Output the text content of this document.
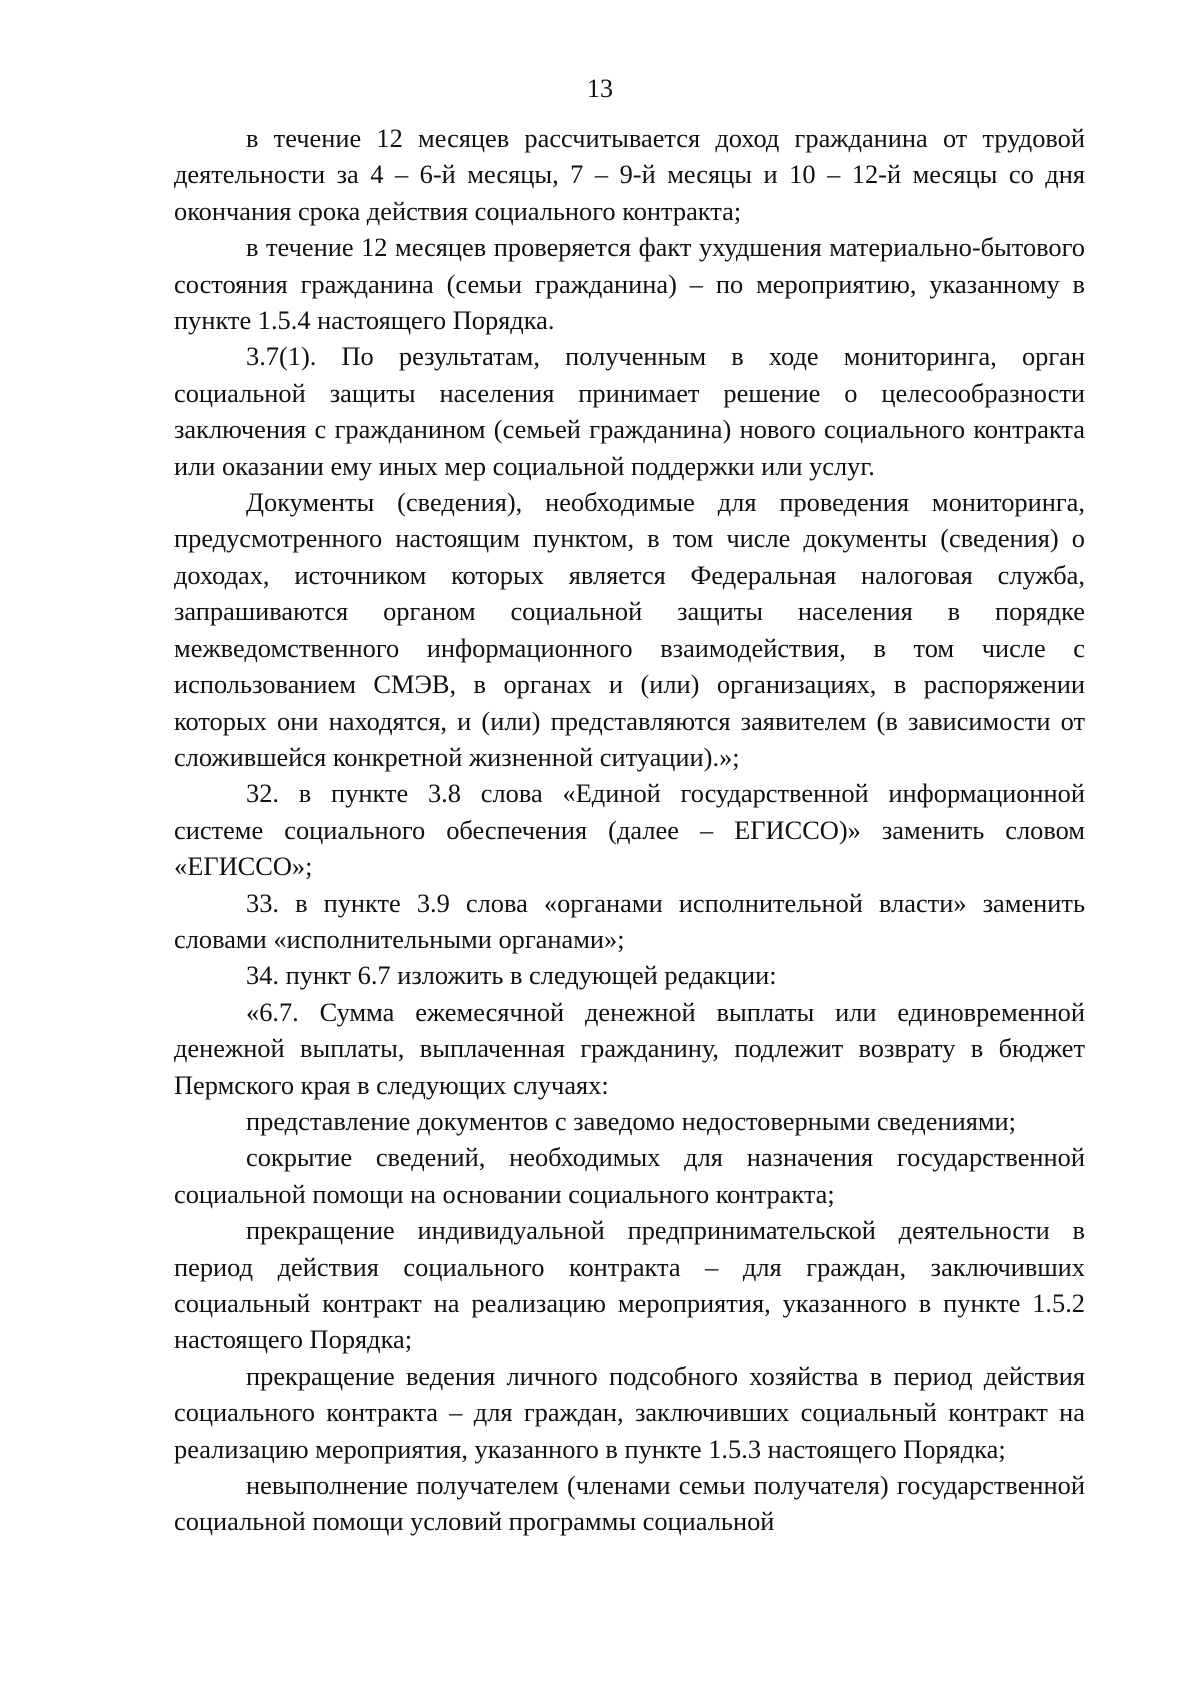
13

в течение 12 месяцев рассчитывается доход гражданина от трудовой деятельности за 4 – 6-й месяцы, 7 – 9-й месяцы и 10 – 12-й месяцы со дня окончания срока действия социального контракта;

в течение 12 месяцев проверяется факт ухудшения материально-бытового состояния гражданина (семьи гражданина) – по мероприятию, указанному в пункте 1.5.4 настоящего Порядка.

3.7(1). По результатам, полученным в ходе мониторинга, орган социальной защиты населения принимает решение о целесообразности заключения с гражданином (семьей гражданина) нового социального контракта или оказании ему иных мер социальной поддержки или услуг.

Документы (сведения), необходимые для проведения мониторинга, предусмотренного настоящим пунктом, в том числе документы (сведения) о доходах, источником которых является Федеральная налоговая служба, запрашиваются органом социальной защиты населения в порядке межведомственного информационного взаимодействия, в том числе с использованием СМЭВ, в органах и (или) организациях, в распоряжении которых они находятся, и (или) представляются заявителем (в зависимости от сложившейся конкретной жизненной ситуации).»;

32. в пункте 3.8 слова «Единой государственной информационной системе социального обеспечения (далее – ЕГИССО)» заменить словом «ЕГИССО»;

33. в пункте 3.9 слова «органами исполнительной власти» заменить словами «исполнительными органами»;

34. пункт 6.7 изложить в следующей редакции:

«6.7. Сумма ежемесячной денежной выплаты или единовременной денежной выплаты, выплаченная гражданину, подлежит возврату в бюджет Пермского края в следующих случаях:

представление документов с заведомо недостоверными сведениями;

сокрытие сведений, необходимых для назначения государственной социальной помощи на основании социального контракта;

прекращение индивидуальной предпринимательской деятельности в период действия социального контракта – для граждан, заключивших социальный контракт на реализацию мероприятия, указанного в пункте 1.5.2 настоящего Порядка;

прекращение ведения личного подсобного хозяйства в период действия социального контракта – для граждан, заключивших социальный контракт на реализацию мероприятия, указанного в пункте 1.5.3 настоящего Порядка;

невыполнение получателем (членами семьи получателя) государственной социальной помощи условий программы социальной
